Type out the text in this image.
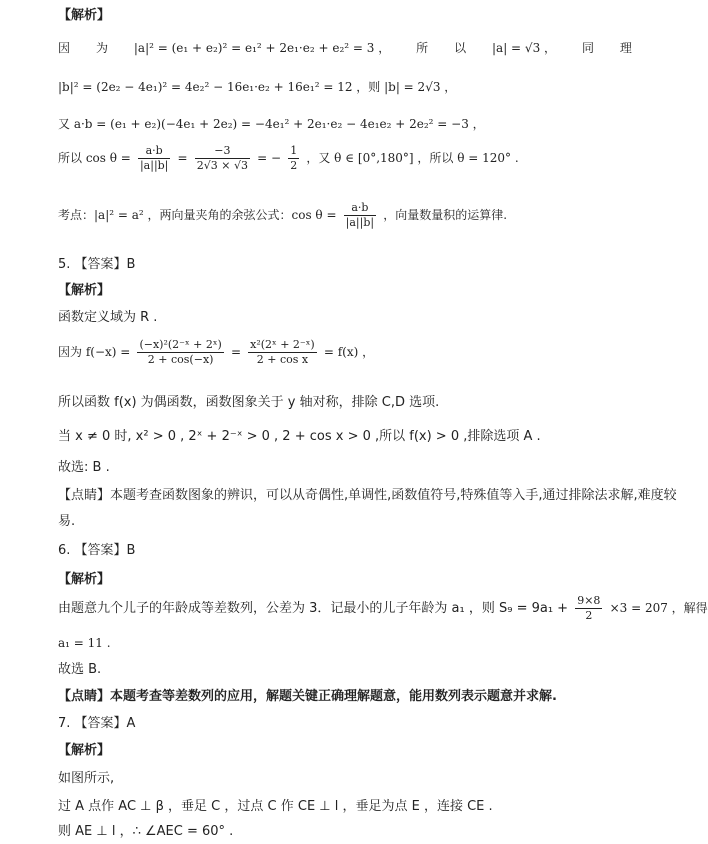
【解析】
因 为 |a|² = (e₁ + e₂)² = e₁² + 2e₁·e₂ + e₂² = 3 ， 所 以 |a| = √3 ， 同 理
|b|² = (2e₂ − 4e₁)² = 4e₂² − 16e₁·e₂ + 16e₁² = 12 ，则 |b| = 2√3 ，
又 a·b = (e₁ + e₂)(−4e₁ + 2e₂) = −4e₁² + 2e₁·e₂ − 4e₁e₂ + 2e₂² = −3 ，
所以 $\cos \theta = \frac{a\cdot b}{|a||b|} = \frac{-3}{2√3 \times √3}$ = − $\frac{1}{2}$ ，又 θ ∈ [0°,180°] ，所以 θ = 120° .
考点：|a|² = a² ，两向量夹角的余弦公式：$\cos \theta = \frac{a\cdot b}{|a||b|}$ ，向量数量积的运算律.
5. 【答案】B
【解析】
函数定义域为 R .
因为 $f(-x) = \frac{\text{(−x)²(2⁻ˣ + 2ˣ)}}{2 + \cos(-x)} = \frac{\text{x²(2ˣ + 2⁻ˣ)}}{\text{2 + cos x}} = f(x)$ ，
所以函数 f(x) 为偶函数，函数图象关于 y 轴对称，排除 C,D 选项.
当 x ≠ 0 时, x² > 0 , 2ˣ + 2⁻ˣ > 0 , 2 + cos x > 0 ,所以 f(x) > 0 ,排除选项 A .
故选: B .
【点睛】本题考查函数图象的辨识，可以从奇偶性,单调性,函数值符号,特殊值等入手,通过排除法求解,难度较
易.
6. 【答案】B
【解析】
由题意九个儿子的年龄成等差数列，公差为 3．记最小的儿子年龄为 a₁ ，则 $S_9 = 9a_1 + \frac{9\times 8}{2} \times 3 = 207$ ，解得
a₁ = 11 .
故选 B.
【点睛】本题考查等差数列的应用，解题关键正确理解题意，能用数列表示题意并求解.
7. 【答案】A
【解析】
如图所示,
过 A 点作 AC ⊥ β ，垂足 C ，过点 C 作 CE ⊥ l ，垂足为点 E ，连接 CE .
则 AE ⊥ l ，∴ ∠AEC = 60° .
